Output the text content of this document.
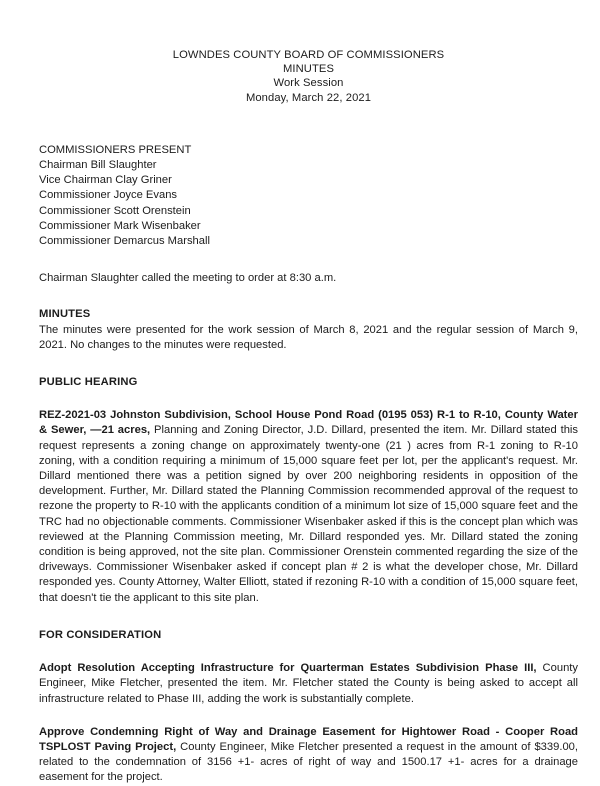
LOWNDES COUNTY BOARD OF COMMISSIONERS
MINUTES
Work Session
Monday, March 22, 2021
COMMISSIONERS PRESENT
Chairman Bill Slaughter
Vice Chairman Clay Griner
Commissioner Joyce Evans
Commissioner Scott Orenstein
Commissioner Mark Wisenbaker
Commissioner Demarcus Marshall
Chairman Slaughter called the meeting to order at 8:30 a.m.
MINUTES
The minutes were presented for the work session of March 8, 2021 and the regular session of March 9, 2021. No changes to the minutes were requested.
PUBLIC HEARING
REZ-2021-03 Johnston Subdivision, School House Pond Road (0195 053) R-1 to R-10, County Water & Sewer, —21 acres, Planning and Zoning Director, J.D. Dillard, presented the item. Mr. Dillard stated this request represents a zoning change on approximately twenty-one (21 ) acres from R-1 zoning to R-10 zoning, with a condition requiring a minimum of 15,000 square feet per lot, per the applicant's request. Mr. Dillard mentioned there was a petition signed by over 200 neighboring residents in opposition of the development. Further, Mr. Dillard stated the Planning Commission recommended approval of the request to rezone the property to R-10 with the applicants condition of a minimum lot size of 15,000 square feet and the TRC had no objectionable comments. Commissioner Wisenbaker asked if this is the concept plan which was reviewed at the Planning Commission meeting, Mr. Dillard responded yes. Mr. Dillard stated the zoning condition is being approved, not the site plan. Commissioner Orenstein commented regarding the size of the driveways. Commissioner Wisenbaker asked if concept plan # 2 is what the developer chose, Mr. Dillard responded yes. County Attorney, Walter Elliott, stated if rezoning R-10 with a condition of 15,000 square feet, that doesn't tie the applicant to this site plan.
FOR CONSIDERATION
Adopt Resolution Accepting Infrastructure for Quarterman Estates Subdivision Phase III, County Engineer, Mike Fletcher, presented the item. Mr. Fletcher stated the County is being asked to accept all infrastructure related to Phase III, adding the work is substantially complete.
Approve Condemning Right of Way and Drainage Easement for Hightower Road - Cooper Road TSPLOST Paving Project, County Engineer, Mike Fletcher presented a request in the amount of $339.00, related to the condemnation of 3156 +1- acres of right of way and 1500.17 +1- acres for a drainage easement for the project.
